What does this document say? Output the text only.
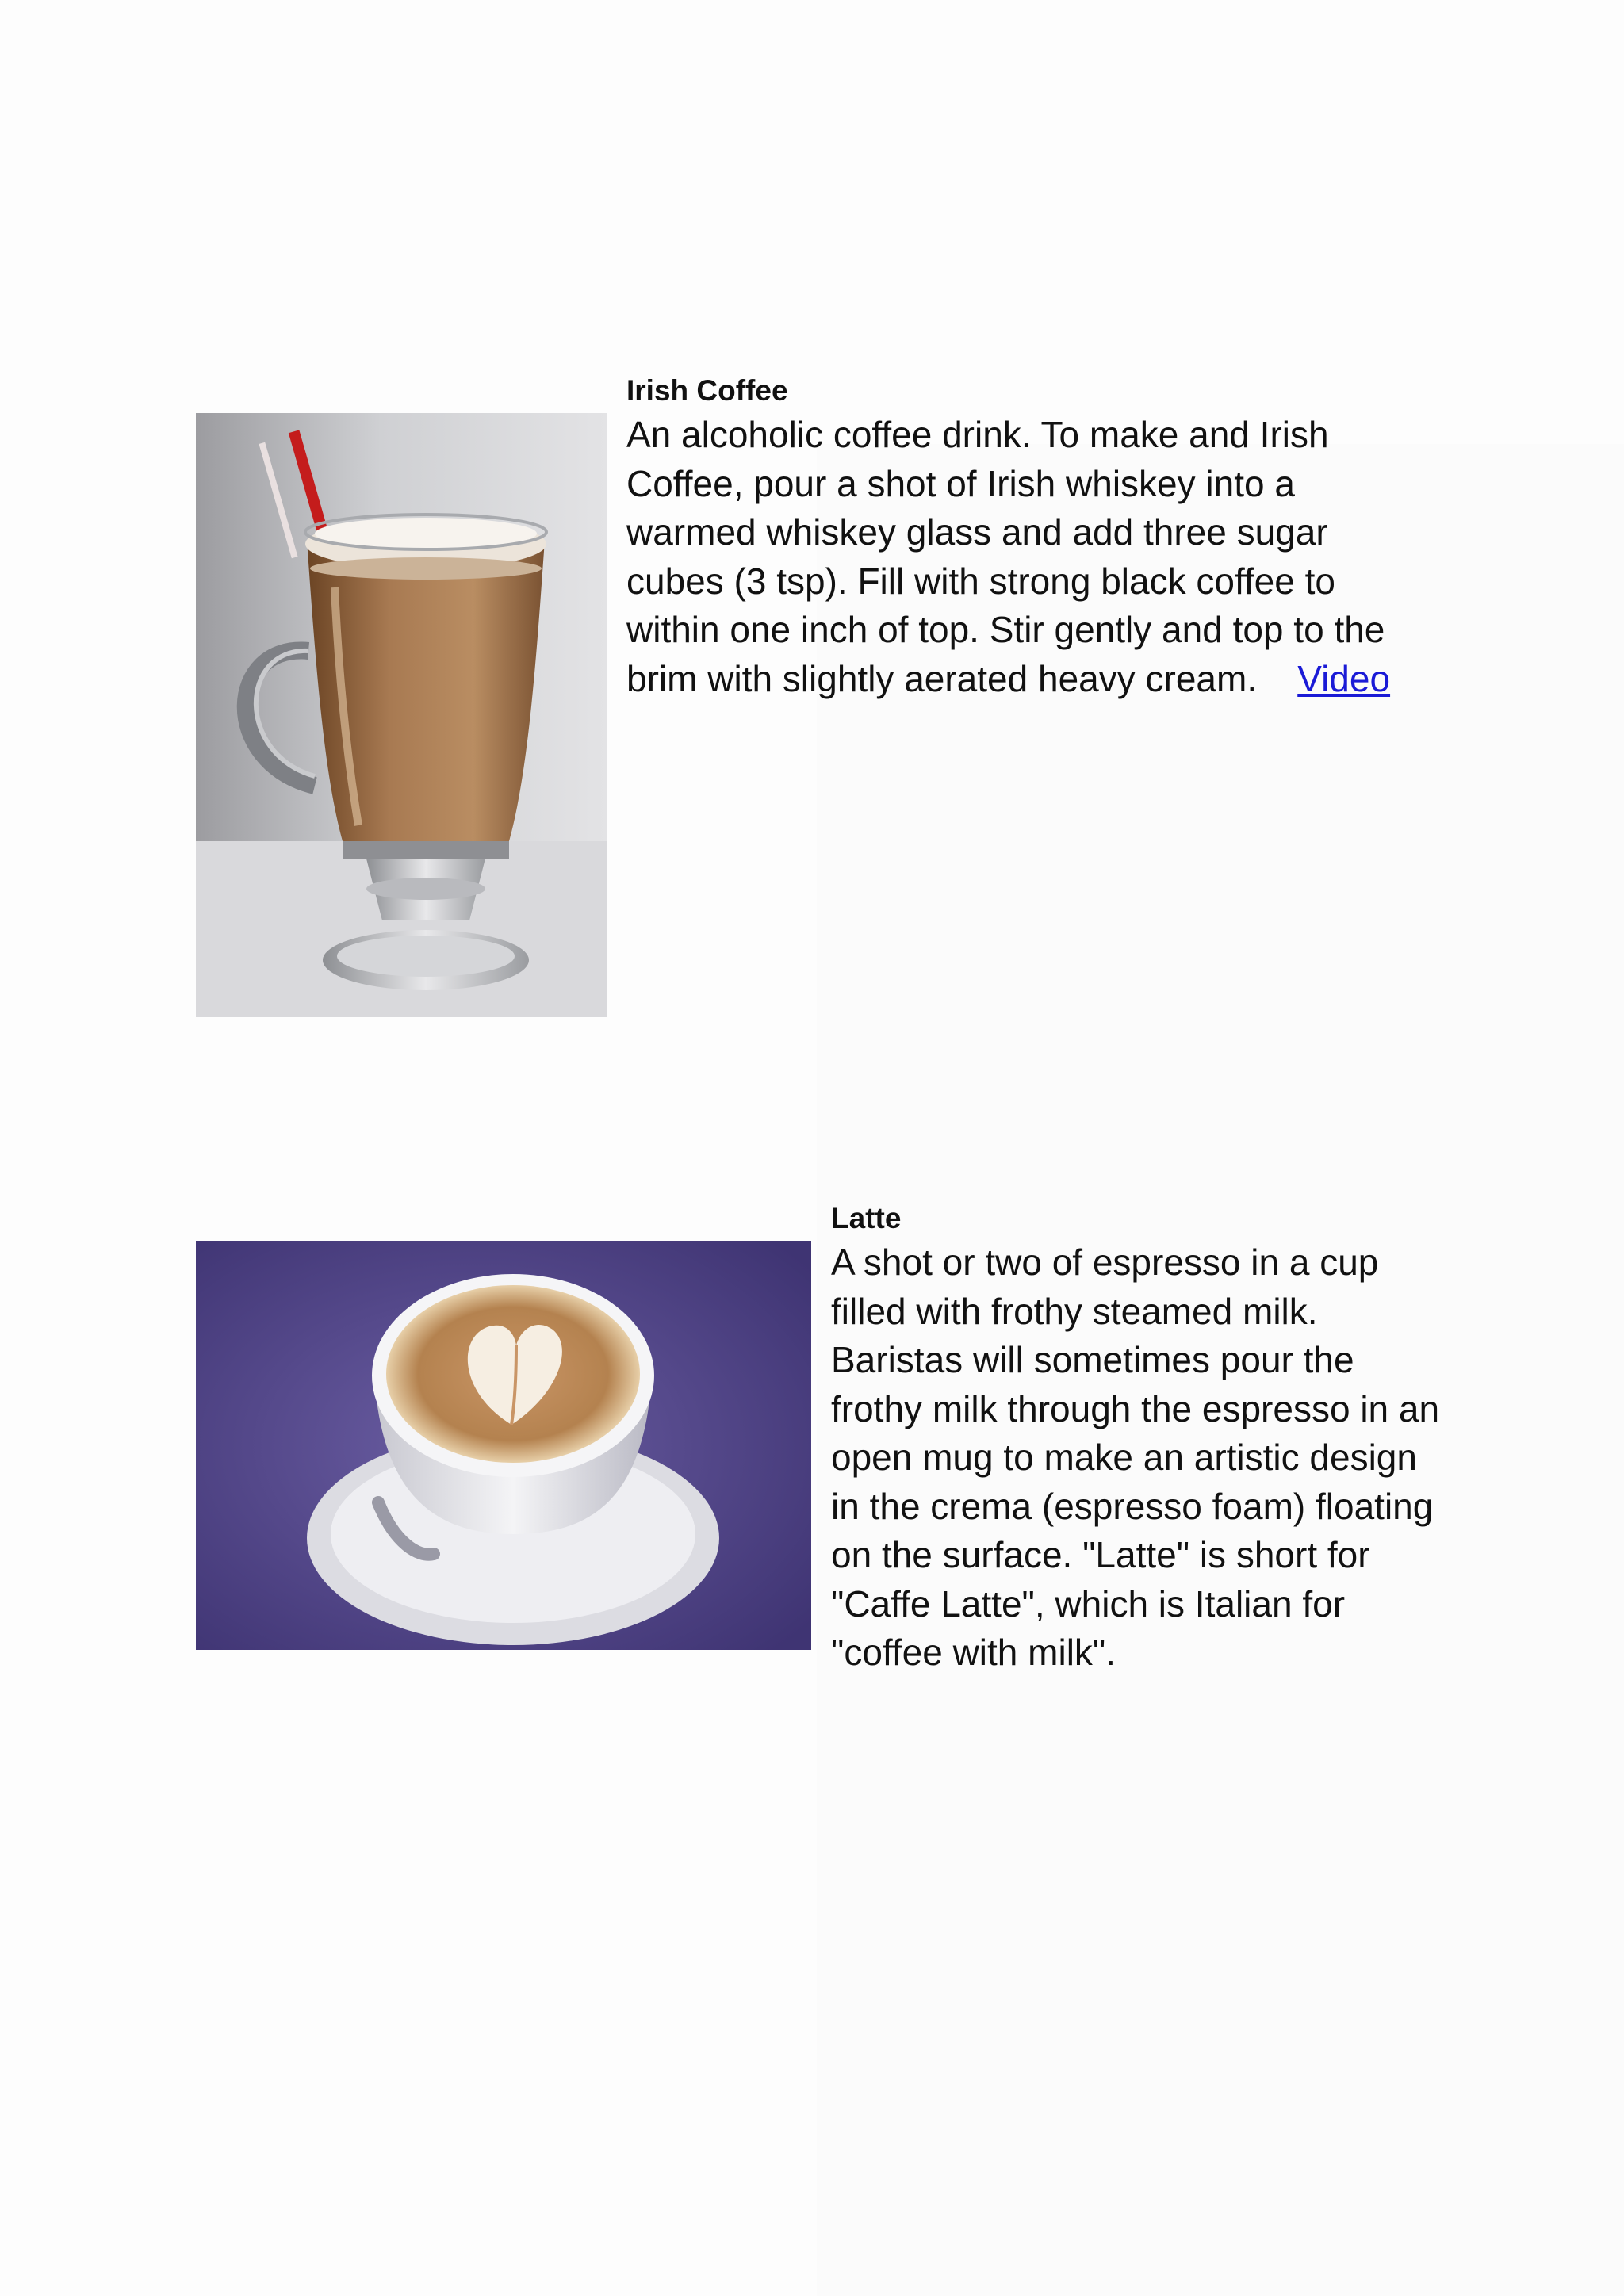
Irish Coffee

An alcoholic coffee drink. To make and Irish Coffee, pour a shot of Irish whiskey into a warmed whiskey glass and add three sugar cubes (3 tsp). Fill with strong black coffee to within one inch of top. Stir gently and top to the brim with slightly aerated heavy cream. Video

Latte

A shot or two of espresso in a cup filled with frothy steamed milk. Baristas will sometimes pour the frothy milk through the espresso in an open mug to make an artistic design in the crema (espresso foam) floating on the surface. "Latte" is short for "Caffe Latte", which is Italian for "coffee with milk".
